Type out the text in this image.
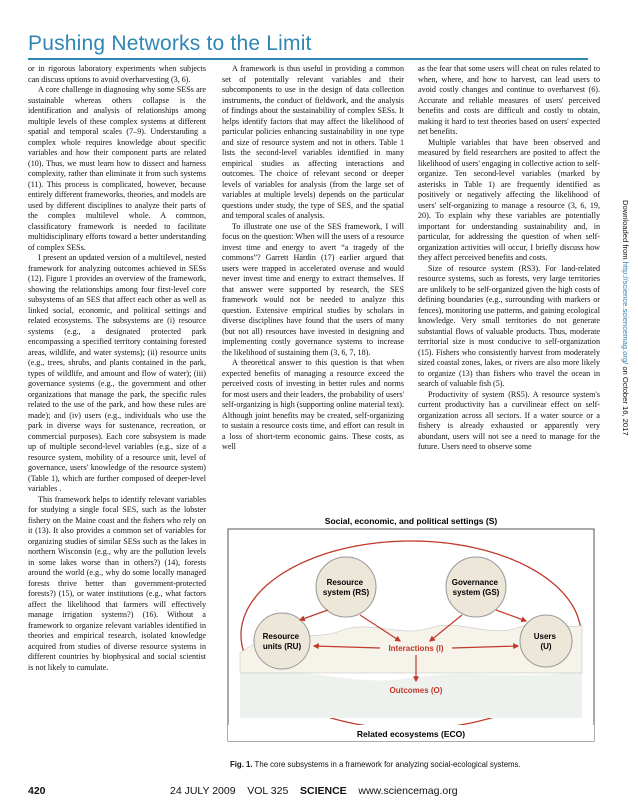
Pushing Networks to the Limit

or in rigorous laboratory experiments when subjects can discuss options to avoid overharvesting (3, 6).

A core challenge in diagnosing why some SESs are sustainable whereas others collapse is the identification and analysis of relationships among multiple levels of these complex systems at different spatial and temporal scales (7–9). Understanding a complex whole requires knowledge about specific variables and how their component parts are related (10). Thus, we must learn how to dissect and harness complexity, rather than eliminate it from such systems (11). This process is complicated, however, because entirely different frameworks, theories, and models are used by different disciplines to analyze their parts of the complex multilevel whole. A common, classificatory framework is needed to facilitate multidisciplinary efforts toward a better understanding of complex SESs.

I present an updated version of a multilevel, nested framework for analyzing outcomes achieved in SESs (12). Figure 1 provides an overview of the framework, showing the relationships among four first-level core subsystems of an SES that affect each other as well as linked social, economic, and political settings and related ecosystems. The subsystems are (i) resource systems (e.g., a designated protected park encompassing a specified territory containing forested areas, wildlife, and water systems); (ii) resource units (e.g., trees, shrubs, and plants contained in the park, types of wildlife, and amount and flow of water); (iii) governance systems (e.g., the government and other organizations that manage the park, the specific rules related to the use of the park, and how these rules are made); and (iv) users (e.g., individuals who use the park in diverse ways for sustenance, recreation, or commercial purposes). Each core subsystem is made up of multiple second-level variables (e.g., size of a resource system, mobility of a resource unit, level of governance, users' knowledge of the resource system) (Table 1), which are further composed of deeper-level variables .

This framework helps to identify relevant variables for studying a single focal SES, such as the lobster fishery on the Maine coast and the fishers who rely on it (13). It also provides a common set of variables for organizing studies of similar SESs such as the lakes in northern Wisconsin (e.g., why are the pollution levels in some lakes worse than in others?) (14), forests around the world (e.g., why do some locally managed forests thrive better than government-protected forests?) (15), or water institutions (e.g., what factors affect the likelihood that farmers will effectively manage irrigation systems?) (16). Without a framework to organize relevant variables identified in theories and empirical research, isolated knowledge acquired from studies of diverse resource systems in different countries by biophysical and social scientist is not likely to cumulate.

A framework is thus useful in providing a common set of potentially relevant variables and their subcomponents to use in the design of data collection instruments, the conduct of fieldwork, and the analysis of findings about the sustainability of complex SESs. It helps identify factors that may affect the likelihood of particular policies enhancing sustainability in one type and size of resource system and not in others. Table 1 lists the second-level variables identified in many empirical studies as affecting interactions and outcomes. The choice of relevant second or deeper levels of variables for analysis (from the large set of variables at multiple levels) depends on the particular questions under study, the type of SES, and the spatial and temporal scales of analysis.

To illustrate one use of the SES framework, I will focus on the question: When will the users of a resource invest time and energy to avert “a tragedy of the commons”? Garrett Hardin (17) earlier argued that users were trapped in accelerated overuse and would never invest time and energy to extract themselves. If that answer were supported by research, the SES framework would not be needed to analyze this question. Extensive empirical studies by scholars in diverse disciplines have found that the users of many (but not all) resources have invested in designing and implementing costly governance systems to increase the likelihood of sustaining them (3, 6, 7, 18).

A theoretical answer to this question is that when expected benefits of managing a resource exceed the perceived costs of investing in better rules and norms for most users and their leaders, the probability of users' self-organizing is high (supporting online material text). Although joint benefits may be created, self-organizing to sustain a resource costs time, and effort can result in a loss of short-term economic gains. These costs, as well

as the fear that some users will cheat on rules related to when, where, and how to harvest, can lead users to avoid costly changes and continue to overharvest (6). Accurate and reliable measures of users' perceived benefits and costs are difficult and costly to obtain, making it hard to test theories based on users' expected net benefits.

Multiple variables that have been observed and measured by field researchers are posited to affect the likelihood of users' engaging in collective action to self-organize. Ten second-level variables (marked by asterisks in Table 1) are frequently identified as positively or negatively affecting the likelihood of users' self-organizing to manage a resource (3, 6, 19, 20). To explain why these variables are potentially important for understanding sustainability and, in particular, for addressing the question of when self-organization activities will occur, I briefly discuss how they affect perceived benefits and costs.

Size of resource system (RS3). For land-related resource systems, such as forests, very large territories are unlikely to be self-organized given the high costs of defining boundaries (e.g., surrounding with markers or fences), monitoring use patterns, and gaining ecological knowledge. Very small territories do not generate substantial flows of valuable products. Thus, moderate territorial size is most conducive to self-organization (15). Fishers who consistently harvest from moderately sized coastal zones, lakes, or rivers are also more likely to organize (13) than fishers who travel the ocean in search of valuable fish (5).

Productivity of system (RS5). A resource system's current productivity has a curvilinear effect on self-organization across all sectors. If a water source or a fishery is already exhausted or apparently very abundant, users will not see a need to manage for the future. Users need to observe some

Downloaded from http://science.sciencemag.org/ on October 16, 2017
Social, economic, and political settings (S)
Resource system (RS)
Governance system (GS)
Resource units (RU)
Users (U)
Interactions (I)
Outcomes (O)
Related ecosystems (ECO)
Fig. 1. The core subsystems in a framework for analyzing social-ecological systems.
420	24 JULY 2009 VOL 325 SCIENCE www.sciencemag.org
